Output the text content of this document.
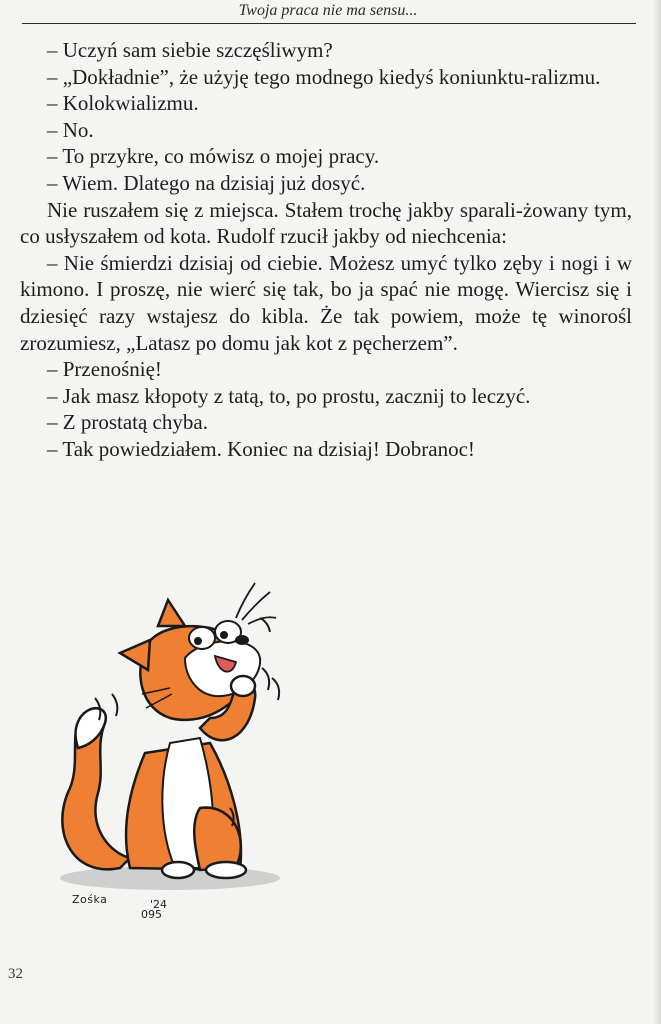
Twoja praca nie ma sensu...

– Uczyń sam siebie szczęśliwym?

– „Dokładnie”, że użyję tego modnego kiedyś koniunktu-ralizmu.

– Kolokwializmu.

– No.

– To przykre, co mówisz o mojej pracy.

– Wiem. Dlatego na dzisiaj już dosyć.

Nie ruszałem się z miejsca. Stałem trochę jakby sparali-żowany tym, co usłyszałem od kota. Rudolf rzucił jakby od niechcenia:

– Nie śmierdzi dzisiaj od ciebie. Możesz umyć tylko zęby i nogi i w kimono. I proszę, nie wierć się tak, bo ja spać nie mogę. Wiercisz się i dziesięć razy wstajesz do kibla. Że tak powiem, może tę winorośl zrozumiesz, „Latasz po domu jak kot z pęcherzem”.

– Przenośnię!

– Jak masz kłopoty z tatą, to, po prostu, zacznij to leczyć.

– Z prostatą chyba.

– Tak powiedziałem. Koniec na dzisiaj! Dobranoc!

Zośka	'24
095
32
